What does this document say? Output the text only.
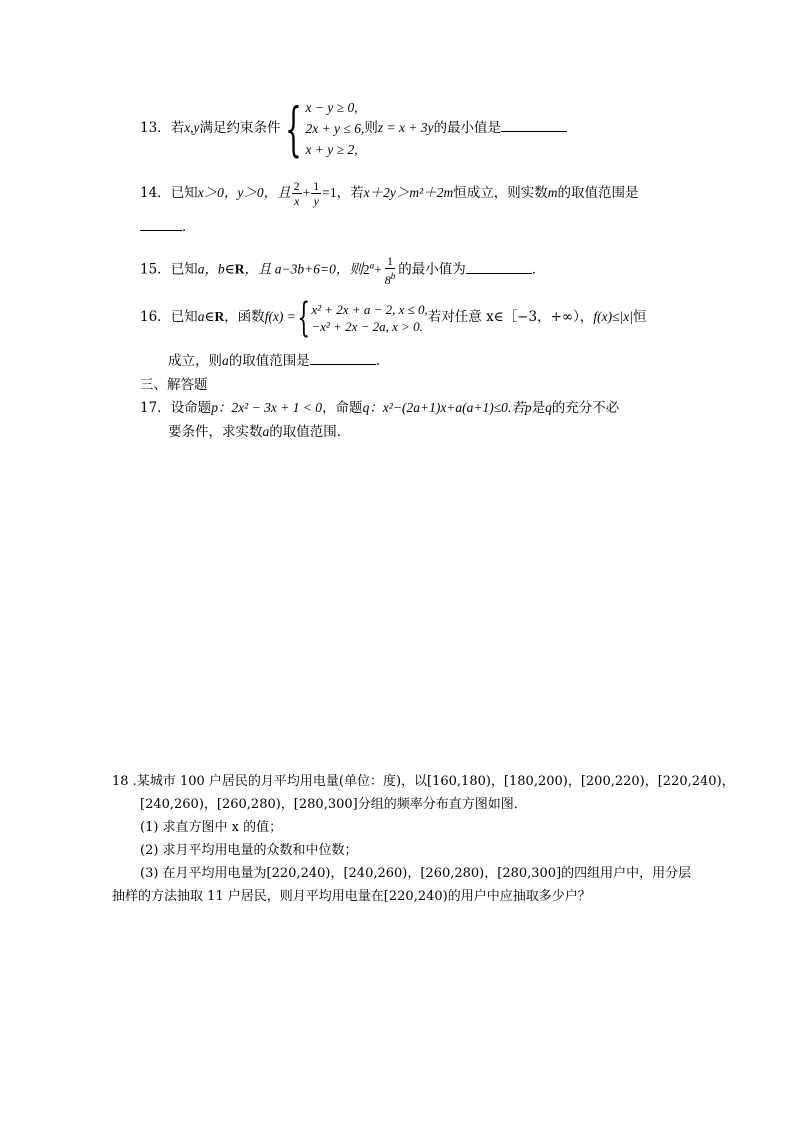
13．若x,y满足约束条件 { x − y ≥ 0,
2x + y ≤ 6,
x + y ≥ 2,
则z = x + 3y的最小值是
14．已知x＞0，y＞0，且 $\frac{2}{x} + \frac{1}{y} =1$，若x＋2y＞m²＋2m恒成立，则实数m的取值范围是
．
15．已知a，b∈R，且 a−3b+6=0，则$2^a+ \frac{1}{8^b}$ 的最小值为	．
16．已知a∈R，函数f(x) = { x² + 2x + a − 2, x ≤ 0,
−x² + 2x − 2a, x > 0.
若对任意 x∈［−3，+∞），f(x)≤|x|恒
成立，则a的取值范围是	．
三、解答题
17．设命题p：2x² − 3x + 1 < 0，命题q：x²−(2a+1)x+a(a+1)≤0.若p是q的充分不必
要条件，求实数a的取值范围．
18 .某城市 100 户居民的月平均用电量(单位：度)，以[160,180)，[180,200)，[200,220)，[220,240)，
[240,260)，[260,280)，[280,300]分组的频率分布直方图如图．
(1) 求直方图中 x 的值；
(2) 求月平均用电量的众数和中位数；
(3) 在月平均用电量为[220,240)，[240,260)，[260,280)，[280,300]的四组用户中，用分层
抽样的方法抽取 11 户居民，则月平均用电量在[220,240)的用户中应抽取多少户？
